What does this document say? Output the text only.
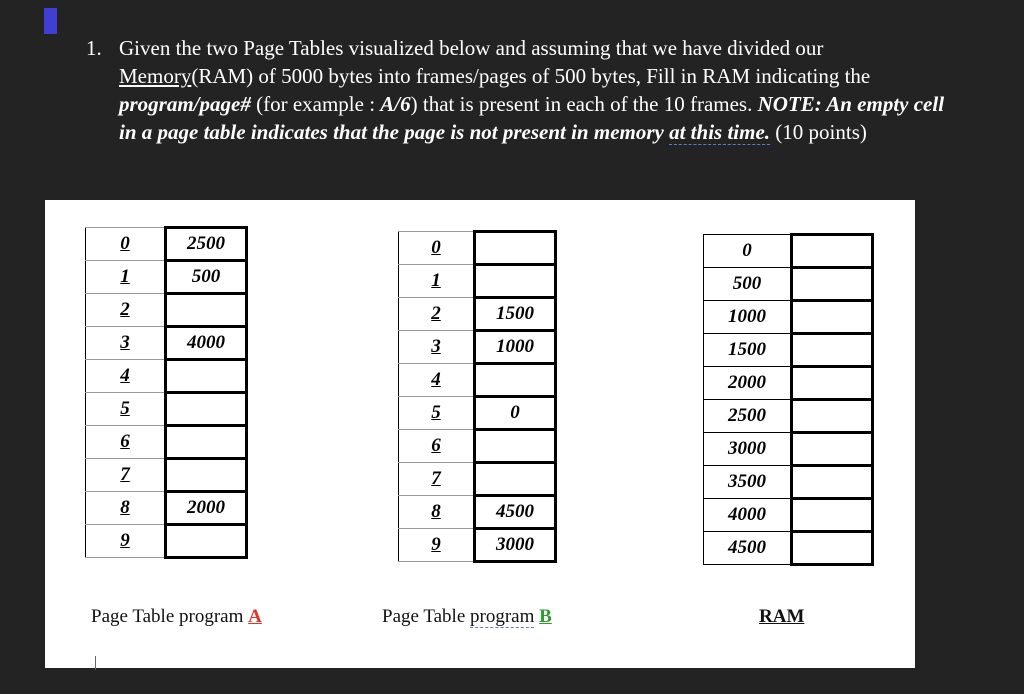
1. Given the two Page Tables visualized below and assuming that we have divided our Memory(RAM) of 5000 bytes into frames/pages of 500 bytes, Fill in RAM indicating the program/page# (for example : A/6) that is present in each of the 10 frames. NOTE: An empty cell in a page table indicates that the page is not present in memory at this time. (10 points)
0	2500
1	500
2	
3	4000
4	
5	
6	
7	
8	2000
9	
0	
1	
2	1500
3	1000
4	
5	0
6	
7	
8	4500
9	3000
0	
500	
1000	
1500	
2000	
2500	
3000	
3500	
4000	
4500	
Page Table program A	Page Table program B	RAM
